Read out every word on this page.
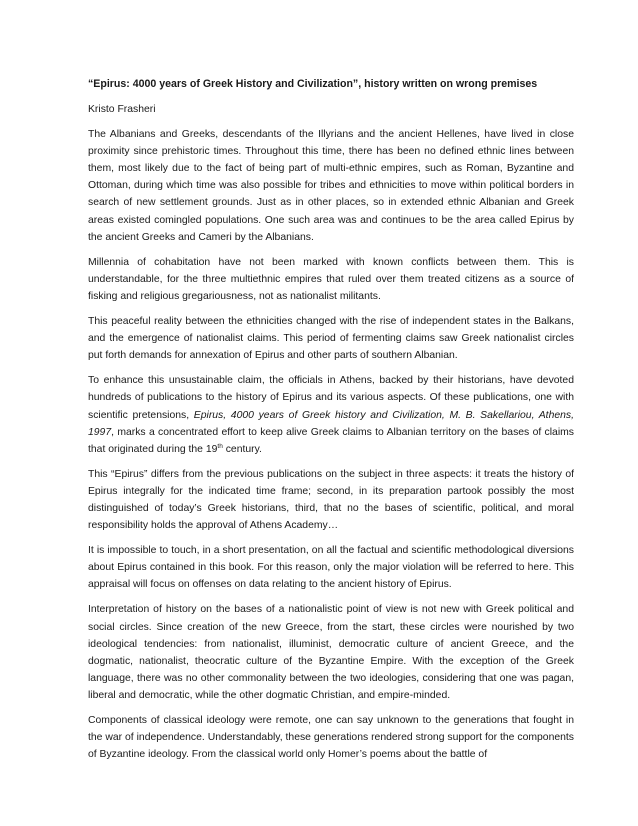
“Epirus: 4000 years of Greek History and Civilization”, history written on wrong premises

Kristo Frasheri

The Albanians and Greeks, descendants of the Illyrians and the ancient Hellenes, have lived in close proximity since prehistoric times. Throughout this time, there has been no defined ethnic lines between them, most likely due to the fact of being part of multi-ethnic empires, such as Roman, Byzantine and Ottoman, during which time was also possible for tribes and ethnicities to move within political borders in search of new settlement grounds. Just as in other places, so in extended ethnic Albanian and Greek areas existed comingled populations. One such area was and continues to be the area called Epirus by the ancient Greeks and Cameri by the Albanians.

Millennia of cohabitation have not been marked with known conflicts between them. This is understandable, for the three multiethnic empires that ruled over them treated citizens as a source of fisking and religious gregariousness, not as nationalist militants.

This peaceful reality between the ethnicities changed with the rise of independent states in the Balkans, and the emergence of nationalist claims. This period of fermenting claims saw Greek nationalist circles put forth demands for annexation of Epirus and other parts of southern Albanian.

To enhance this unsustainable claim, the officials in Athens, backed by their historians, have devoted hundreds of publications to the history of Epirus and its various aspects. Of these publications, one with scientific pretensions, Epirus, 4000 years of Greek history and Civilization, M. B. Sakellariou, Athens, 1997, marks a concentrated effort to keep alive Greek claims to Albanian territory on the bases of claims that originated during the 19th century.

This “Epirus” differs from the previous publications on the subject in three aspects: it treats the history of Epirus integrally for the indicated time frame; second, in its preparation partook possibly the most distinguished of today’s Greek historians, third, that no the bases of scientific, political, and moral responsibility holds the approval of Athens Academy…

It is impossible to touch, in a short presentation, on all the factual and scientific methodological diversions about Epirus contained in this book. For this reason, only the major violation will be referred to here. This appraisal will focus on offenses on data relating to the ancient history of Epirus.

Interpretation of history on the bases of a nationalistic point of view is not new with Greek political and social circles. Since creation of the new Greece, from the start, these circles were nourished by two ideological tendencies: from nationalist, illuminist, democratic culture of ancient Greece, and the dogmatic, nationalist, theocratic culture of the Byzantine Empire. With the exception of the Greek language, there was no other commonality between the two ideologies, considering that one was pagan, liberal and democratic, while the other dogmatic Christian, and empire-minded.

Components of classical ideology were remote, one can say unknown to the generations that fought in the war of independence. Understandably, these generations rendered strong support for the components of Byzantine ideology. From the classical world only Homer’s poems about the battle of
